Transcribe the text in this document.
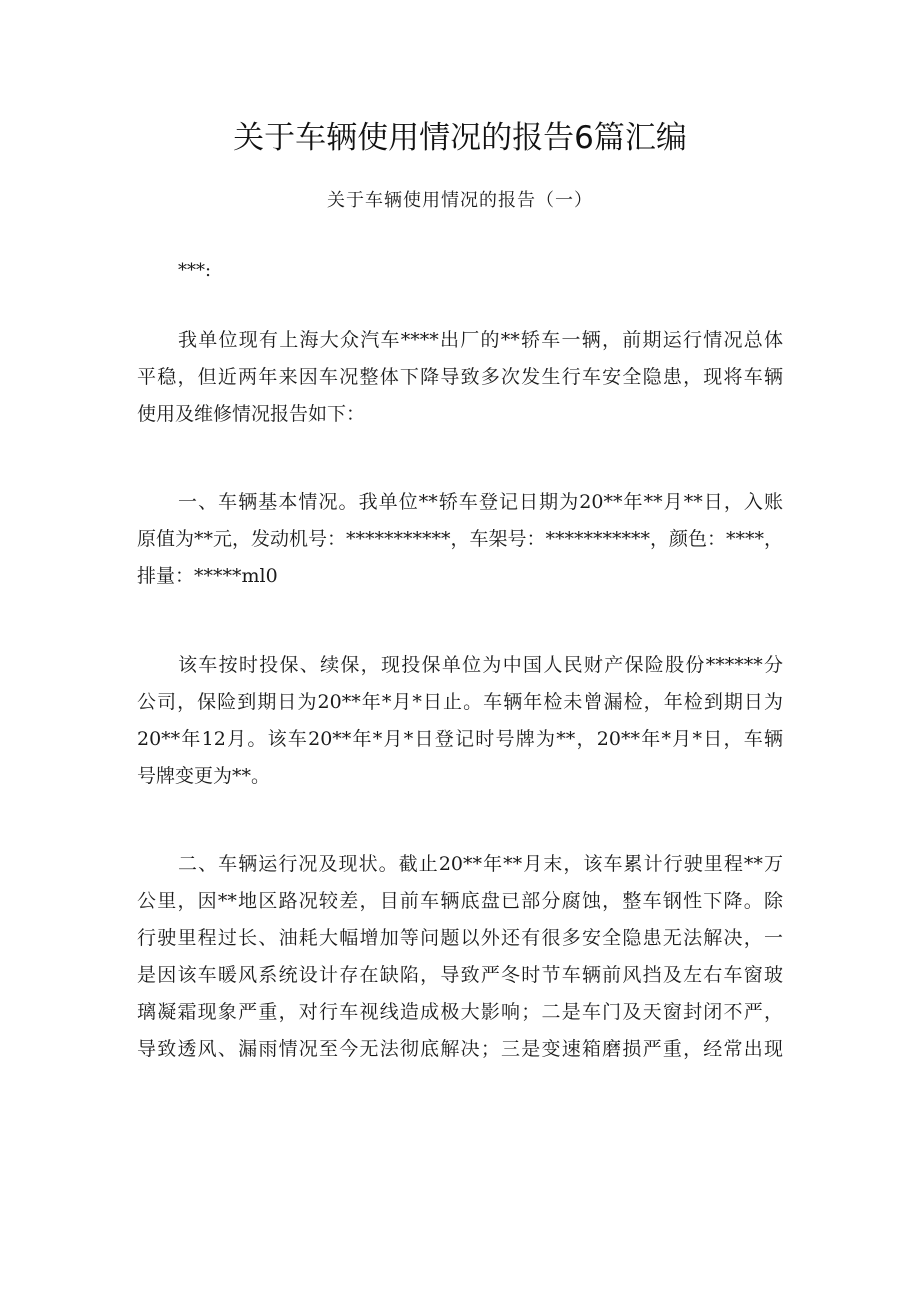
关于车辆使用情况的报告6篇汇编
关于车辆使用情况的报告（一）
***:
我单位现有上海大众汽车****出厂的**轿车一辆，前期运行情况总体
平稳，但近两年来因车况整体下降导致多次发生行车安全隐患，现将车辆
使用及维修情况报告如下：
一、车辆基本情况。我单位**轿车登记日期为20**年**月**日，入账
原值为**元，发动机号：***********，车架号：***********，颜色：****，
排量：*****ml0
该车按时投保、续保，现投保单位为中国人民财产保险股份******分
公司，保险到期日为20**年*月*日止。车辆年检未曾漏检，年检到期日为
20**年12月。该车20**年*月*日登记时号牌为**，20**年*月*日，车辆
号牌变更为**。
二、车辆运行况及现状。截止20**年**月末，该车累计行驶里程**万
公里，因**地区路况较差，目前车辆底盘已部分腐蚀，整车钢性下降。除
行驶里程过长、油耗大幅增加等问题以外还有很多安全隐患无法解决，一
是因该车暖风系统设计存在缺陷，导致严冬时节车辆前风挡及左右车窗玻
璃凝霜现象严重，对行车视线造成极大影响；二是车门及天窗封闭不严，
导致透风、漏雨情况至今无法彻底解决；三是变速箱磨损严重，经常出现
